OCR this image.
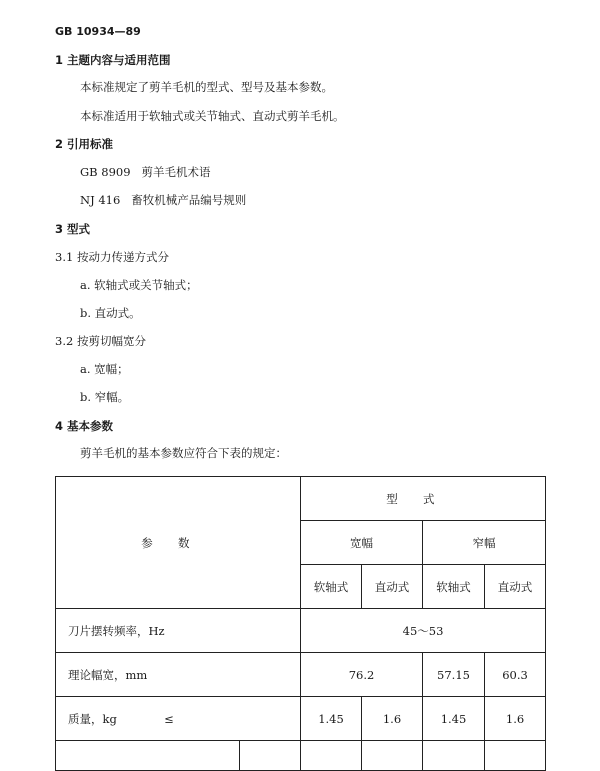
GB 10934—89
1 主题内容与适用范围
本标准规定了剪羊毛机的型式、型号及基本参数。
本标准适用于软轴式或关节轴式、直动式剪羊毛机。
2 引用标准
GB 8909   剪羊毛机术语
NJ 416   畜牧机械产品编号规则
3 型式
3.1 按动力传递方式分
a. 软轴式或关节轴式；
b. 直动式。
3.2 按剪切幅宽分
a. 宽幅；
b. 窄幅。
4 基本参数
剪羊毛机的基本参数应符合下表的规定：
参数		型式			
		宽幅		窄幅	
		软轴式	直动式	软轴式	直动式
刀片摆转频率，Hz		45～53			
理论幅宽，mm		76.2		57.15	60.3
质量，kg ≤		1.45	1.6	1.45	1.6
